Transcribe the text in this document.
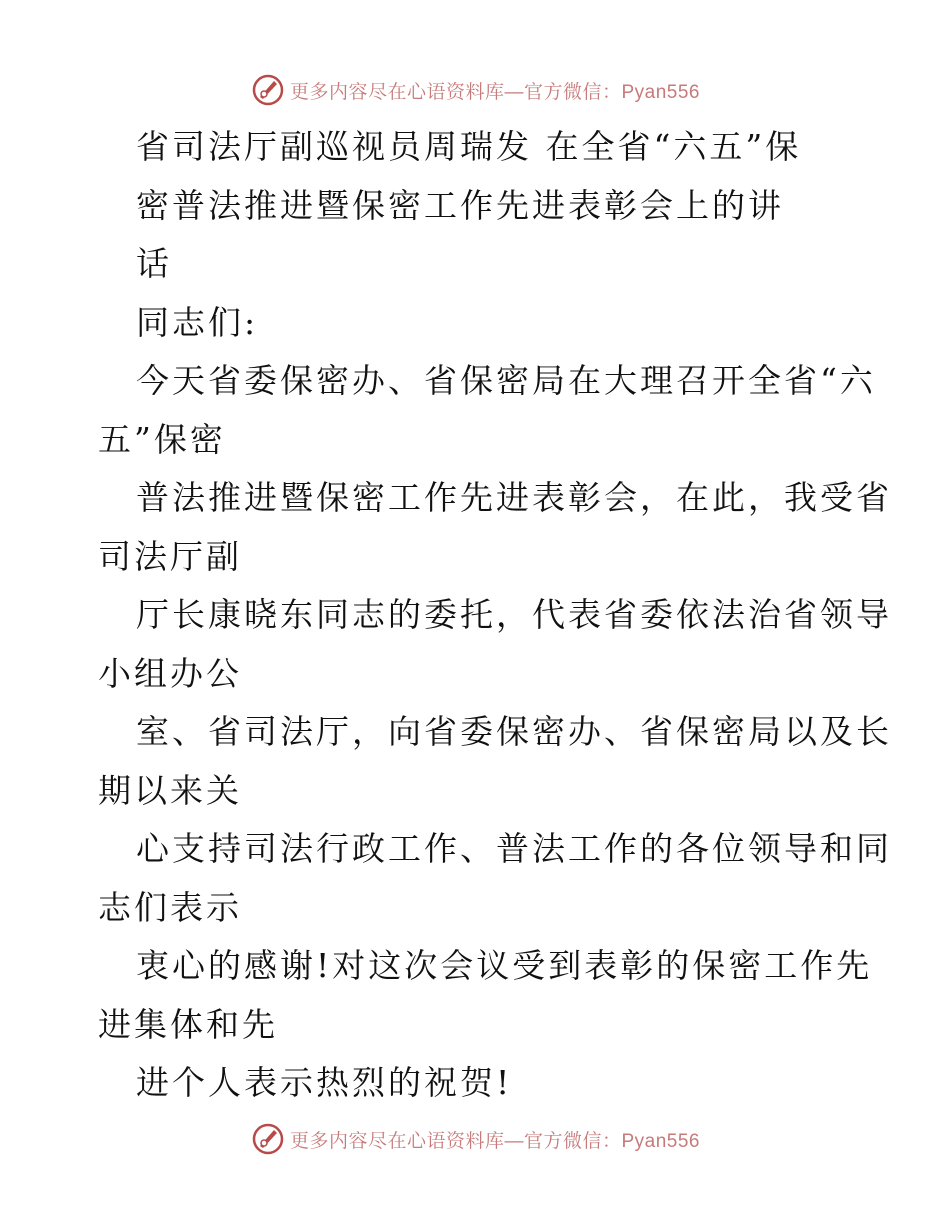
更多内容尽在心语资料库—官方微信：Pyan556
省司法厅副巡视员周瑞发 在全省“六五”保
密普法推进暨保密工作先进表彰会上的讲
话
同志们:
今天省委保密办、省保密局在大理召开全省“六
五”保密
普法推进暨保密工作先进表彰会，在此，我受省
司法厅副
厅长康晓东同志的委托，代表省委依法治省领导
小组办公
室、省司法厅，向省委保密办、省保密局以及长
期以来关
心支持司法行政工作、普法工作的各位领导和同
志们表示
衷心的感谢!对这次会议受到表彰的保密工作先
进集体和先
进个人表示热烈的祝贺!
更多内容尽在心语资料库—官方微信：Pyan556
